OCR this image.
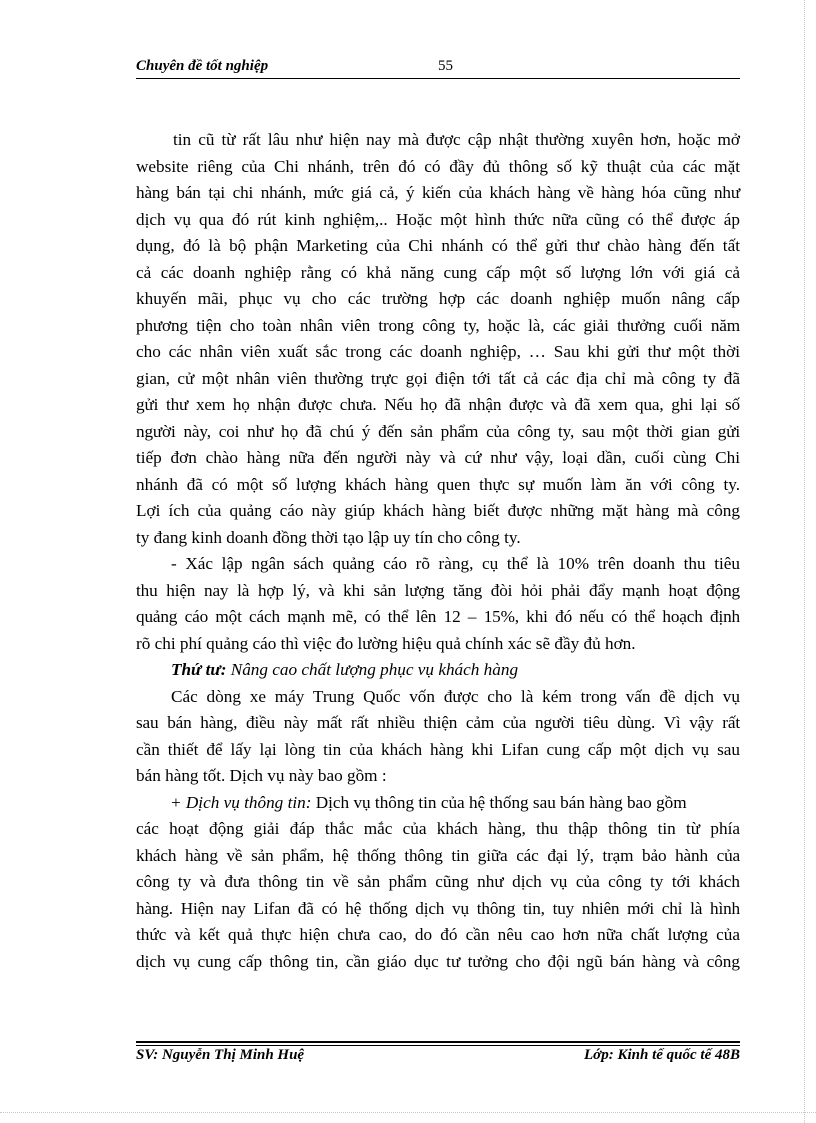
Chuyên đề tốt nghiệp	55
tin cũ từ rất lâu như hiện nay mà được cập nhật thường xuyên hơn, hoặc mở
website riêng của Chi nhánh, trên đó có đầy đủ thông số kỹ thuật của các mặt
hàng bán tại chi nhánh, mức giá cả, ý kiến của khách hàng về hàng hóa cũng như
dịch vụ qua đó rút kinh nghiệm,.. Hoặc một hình thức nữa cũng có thể được áp
dụng, đó là bộ phận Marketing của Chi nhánh có thể gửi thư chào hàng đến tất
cả các doanh nghiệp rằng có khả năng cung cấp một số lượng lớn với giá cả
khuyến mãi, phục vụ cho các trường hợp các doanh nghiệp muốn nâng cấp
phương tiện cho toàn nhân viên trong công ty, hoặc là, các giải thưởng cuối năm
cho các nhân viên xuất sắc trong các doanh nghiệp, … Sau khi gửi thư một thời
gian, cử một nhân viên thường trực gọi điện tới tất cả các địa chỉ mà công ty đã
gửi thư xem họ nhận được chưa. Nếu họ đã nhận được và đã xem qua, ghi lại số
người này, coi như họ đã chú ý đến sản phẩm của công ty, sau một thời gian gửi
tiếp đơn chào hàng nữa đến người này và cứ như vậy, loại dần, cuối cùng Chi
nhánh đã có một số lượng khách hàng quen thực sự muốn làm ăn với công ty.
Lợi ích của quảng cáo này giúp khách hàng biết được những mặt hàng mà công
ty đang kinh doanh đồng thời tạo lập uy tín cho công ty.
- Xác lập ngân sách quảng cáo rõ ràng, cụ thể là 10% trên doanh thu tiêu
thu hiện nay là hợp lý, và khi sản lượng tăng đòi hỏi phải đẩy mạnh hoạt động
quảng cáo một cách mạnh mẽ, có thể lên 12 – 15%, khi đó nếu có thể hoạch định
rõ chi phí quảng cáo thì việc đo lường hiệu quả chính xác sẽ đầy đủ hơn.
Thứ tư: Nâng cao chất lượng phục vụ khách hàng
Các dòng xe máy Trung Quốc vốn được cho là kém trong vấn đề dịch vụ
sau bán hàng, điều này mất rất nhiều thiện cảm của người tiêu dùng. Vì vậy rất
cần thiết để lấy lại lòng tin của khách hàng khi Lifan cung cấp một dịch vụ sau
bán hàng tốt. Dịch vụ này bao gồm :
+ Dịch vụ thông tin: Dịch vụ thông tin của hệ thống sau bán hàng bao gồm
các hoạt động giải đáp thắc mắc của khách hàng, thu thập thông tin từ phía
khách hàng về sản phẩm, hệ thống thông tin giữa các đại lý, trạm bảo hành của
công ty và đưa thông tin về sản phẩm cũng như dịch vụ của công ty tới khách
hàng. Hiện nay Lifan đã có hệ thống dịch vụ thông tin, tuy nhiên mới chỉ là hình
thức và kết quả thực hiện chưa cao, do đó cần nêu cao hơn nữa chất lượng của
dịch vụ cung cấp thông tin, cần giáo dục tư tưởng cho đội ngũ bán hàng và công
SV: Nguyễn Thị Minh Huệ	Lớp: Kinh tế quốc tế 48B
